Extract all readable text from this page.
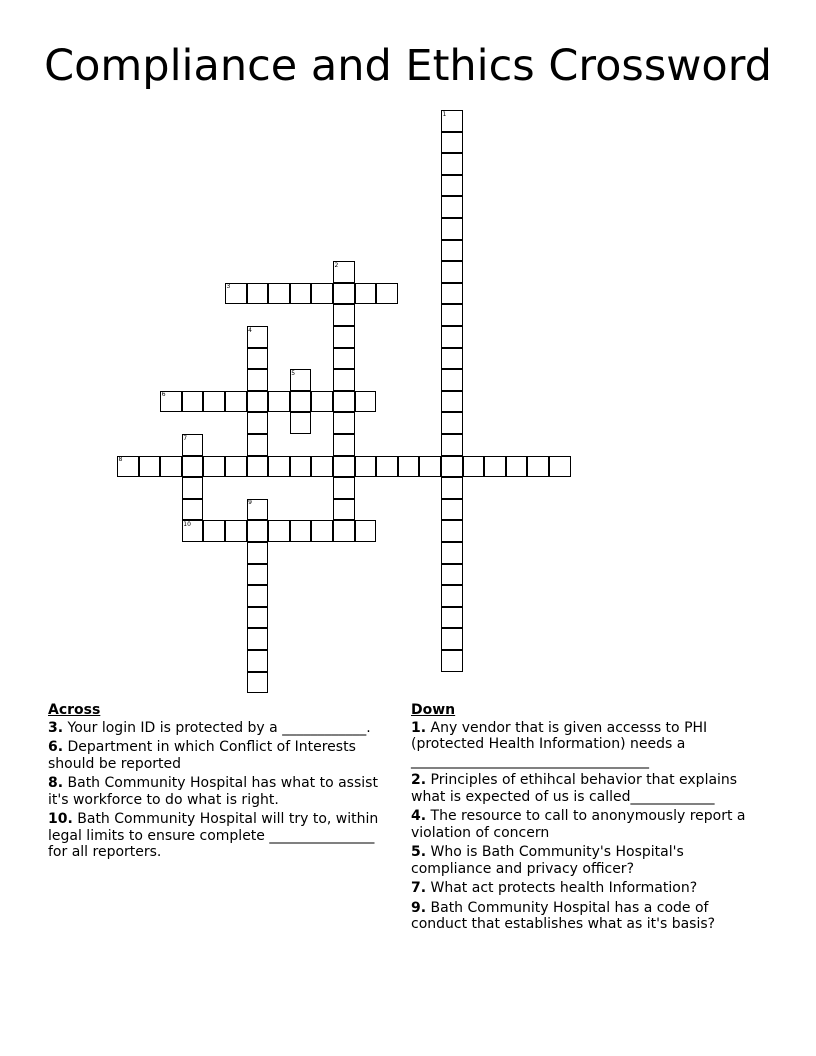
Compliance and Ethics Crossword
1
2
3
4
5
6
7
8
9
10
Across
3. Your login ID is protected by a ____________.
6. Department in which Conflict of Interests should be reported
8. Bath Community Hospital has what to assist it's workforce to do what is right.
10. Bath Community Hospital will try to, within legal limits to ensure complete _______________ for all reporters.
Down
1. Any vendor that is given accesss to PHI (protected Health Information) needs a __________________________________
2. Principles of ethihcal behavior that explains what is expected of us is called____________
4. The resource to call to anonymously report a violation of concern
5. Who is Bath Community's Hospital's compliance and privacy officer?
7. What act protects health Information?
9. Bath Community Hospital has a code of conduct that establishes what as it's basis?
